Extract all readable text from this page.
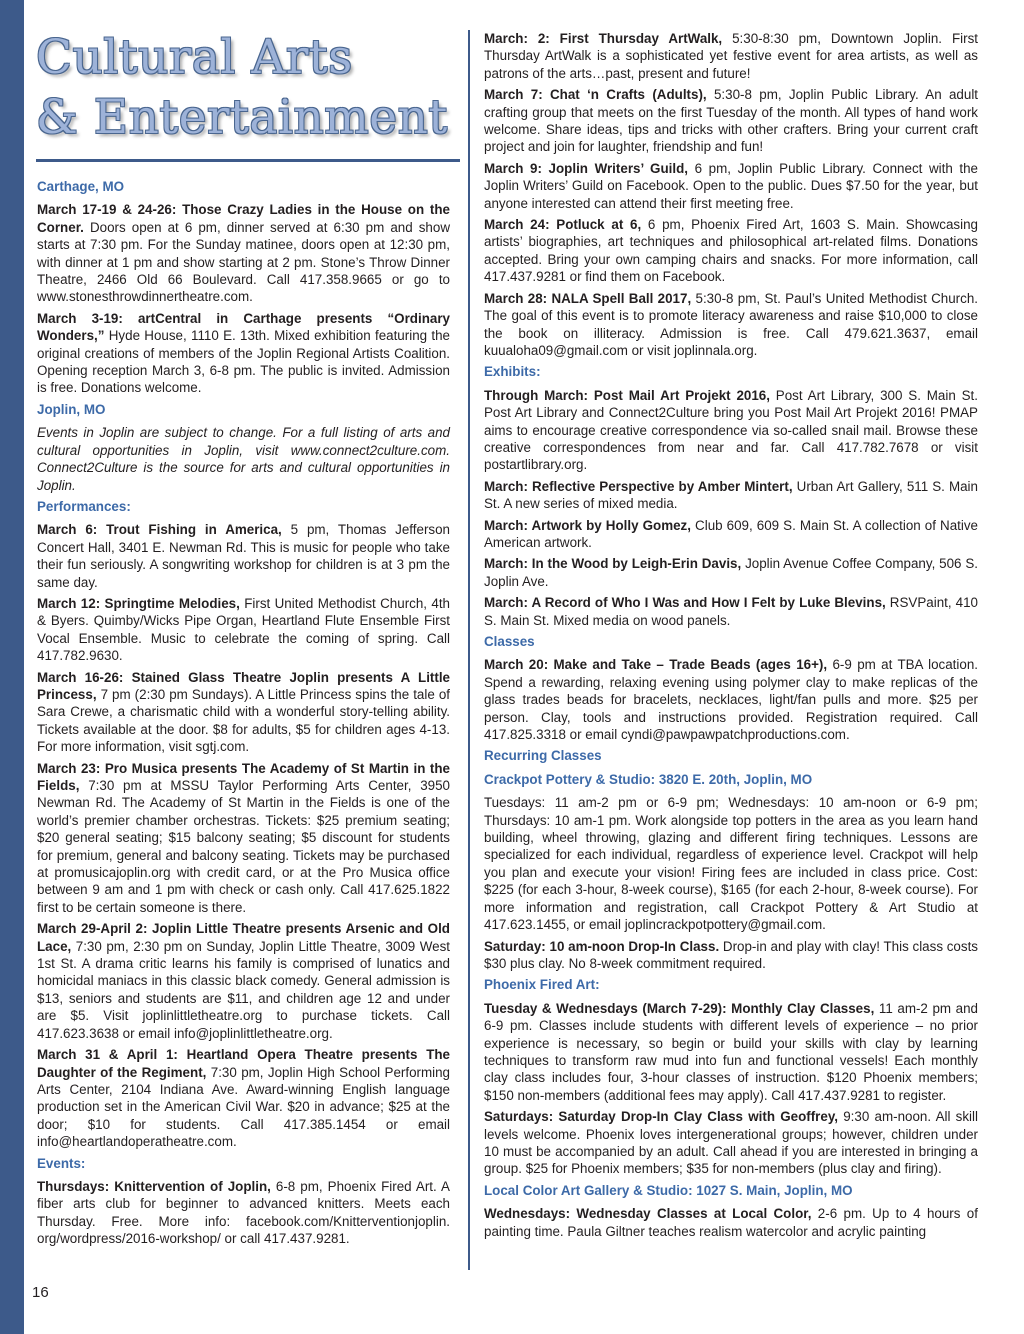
Cultural Arts
& Entertainment
Carthage, MO

March 17-19 & 24-26: Those Crazy Ladies in the House on the Corner. Doors open at 6 pm, dinner served at 6:30 pm and show starts at 7:30 pm. For the Sunday matinee, doors open at 12:30 pm, with dinner at 1 pm and show starting at 2 pm. Stone’s Throw Dinner Theatre, 2466 Old 66 Boulevard. Call 417.358.9665 or go to www.stonesthrowdinnertheatre.com.

March 3-19: artCentral in Carthage presents “Ordinary Wonders,” Hyde House, 1110 E. 13th. Mixed exhibition featuring the original creations of members of the Joplin Regional Artists Coalition. Opening reception March 3, 6-8 pm. The public is invited. Admission is free. Donations welcome.

Joplin, MO

Events in Joplin are subject to change. For a full listing of arts and cultural opportunities in Joplin, visit www.connect2culture.com. Connect2Culture is the source for arts and cultural opportunities in Joplin.

Performances:

March 6: Trout Fishing in America, 5 pm, Thomas Jefferson Concert Hall, 3401 E. Newman Rd. This is music for people who take their fun seriously. A songwriting workshop for children is at 3 pm the same day.

March 12: Springtime Melodies, First United Methodist Church, 4th & Byers. Quimby/Wicks Pipe Organ, Heartland Flute Ensemble First Vocal Ensemble. Music to celebrate the coming of spring. Call 417.782.9630.

March 16-26: Stained Glass Theatre Joplin presents A Little Princess, 7 pm (2:30 pm Sundays). A Little Princess spins the tale of Sara Crewe, a charismatic child with a wonderful story-telling ability. Tickets available at the door. $8 for adults, $5 for children ages 4-13. For more information, visit sgtj.com.

March 23: Pro Musica presents The Academy of St Martin in the Fields, 7:30 pm at MSSU Taylor Performing Arts Center, 3950 Newman Rd. The Academy of St Martin in the Fields is one of the world’s premier chamber orchestras. Tickets: $25 premium seating; $20 general seating; $15 balcony seating; $5 discount for students for premium, general and balcony seating. Tickets may be purchased at promusicajoplin.org with credit card, or at the Pro Musica office between 9 am and 1 pm with check or cash only. Call 417.625.1822 first to be certain someone is there.

March 29-April 2: Joplin Little Theatre presents Arsenic and Old Lace, 7:30 pm, 2:30 pm on Sunday, Joplin Little Theatre, 3009 West 1st St. A drama critic learns his family is comprised of lunatics and homicidal maniacs in this classic black comedy. General admission is $13, seniors and students are $11, and children age 12 and under are $5. Visit joplinlittletheatre.org to purchase tickets. Call 417.623.3638 or email info@joplinlittletheatre.org.

March 31 & April 1: Heartland Opera Theatre presents The Daughter of the Regiment, 7:30 pm, Joplin High School Performing Arts Center, 2104 Indiana Ave. Award-winning English language production set in the American Civil War. $20 in advance; $25 at the door; $10 for students. Call 417.385.1454 or email info@heartlandoperatheatre.com.

Events:

Thursdays: Knittervention of Joplin, 6-8 pm, Phoenix Fired Art. A fiber arts club for beginner to advanced knitters. Meets each Thursday. Free. More info: facebook.com/Knitterventionjoplin. org/wordpress/2016-workshop/ or call 417.437.9281.

March: 2: First Thursday ArtWalk, 5:30-8:30 pm, Downtown Joplin. First Thursday ArtWalk is a sophisticated yet festive event for area artists, as well as patrons of the arts…past, present and future!

March 7: Chat ‘n Crafts (Adults), 5:30-8 pm, Joplin Public Library. An adult crafting group that meets on the first Tuesday of the month. All types of hand work welcome. Share ideas, tips and tricks with other crafters. Bring your current craft project and join for laughter, friendship and fun!

March 9: Joplin Writers’ Guild, 6 pm, Joplin Public Library. Connect with the Joplin Writers’ Guild on Facebook. Open to the public. Dues $7.50 for the year, but anyone interested can attend their first meeting free.

March 24: Potluck at 6, 6 pm, Phoenix Fired Art, 1603 S. Main. Showcasing artists’ biographies, art techniques and philosophical art-related films. Donations accepted. Bring your own camping chairs and snacks. For more information, call 417.437.9281 or find them on Facebook.

March 28: NALA Spell Ball 2017, 5:30-8 pm, St. Paul’s United Methodist Church. The goal of this event is to promote literacy awareness and raise $10,000 to close the book on illiteracy. Admission is free. Call 479.621.3637, email kuualoha09@gmail.com or visit joplinnala.org.

Exhibits:

Through March: Post Mail Art Projekt 2016, Post Art Library, 300 S. Main St. Post Art Library and Connect2Culture bring you Post Mail Art Projekt 2016! PMAP aims to encourage creative correspondence via so-called snail mail. Browse these creative correspondences from near and far. Call 417.782.7678 or visit postartlibrary.org.

March: Reflective Perspective by Amber Mintert, Urban Art Gallery, 511 S. Main St. A new series of mixed media.

March: Artwork by Holly Gomez, Club 609, 609 S. Main St. A collection of Native American artwork.

March: In the Wood by Leigh-Erin Davis, Joplin Avenue Coffee Company, 506 S. Joplin Ave.

March: A Record of Who I Was and How I Felt by Luke Blevins, RSVPaint, 410 S. Main St. Mixed media on wood panels.

Classes

March 20: Make and Take – Trade Beads (ages 16+), 6-9 pm at TBA location. Spend a rewarding, relaxing evening using polymer clay to make replicas of the glass trades beads for bracelets, necklaces, light/fan pulls and more. $25 per person. Clay, tools and instructions provided. Registration required. Call 417.825.3318 or email cyndi@pawpawpatchproductions.com.

Recurring Classes
Crackpot Pottery & Studio: 3820 E. 20th, Joplin, MO

Tuesdays: 11 am-2 pm or 6-9 pm; Wednesdays: 10 am-noon or 6-9 pm; Thursdays: 10 am-1 pm. Work alongside top potters in the area as you learn hand building, wheel throwing, glazing and different firing techniques. Lessons are specialized for each individual, regardless of experience level. Crackpot will help you plan and execute your vision! Firing fees are included in class price. Cost: $225 (for each 3-hour, 8-week course), $165 (for each 2-hour, 8-week course). For more information and registration, call Crackpot Pottery & Art Studio at 417.623.1455, or email joplincrackpotpottery@gmail.com.

Saturday: 10 am-noon Drop-In Class. Drop-in and play with clay! This class costs $30 plus clay. No 8-week commitment required.

Phoenix Fired Art:

Tuesday & Wednesdays (March 7-29): Monthly Clay Classes, 11 am-2 pm and 6-9 pm. Classes include students with different levels of experience – no prior experience is necessary, so begin or build your skills with clay by learning techniques to transform raw mud into fun and functional vessels! Each monthly clay class includes four, 3-hour classes of instruction. $120 Phoenix members; $150 non-members (additional fees may apply). Call 417.437.9281 to register.

Saturdays: Saturday Drop-In Clay Class with Geoffrey, 9:30 am-noon. All skill levels welcome. Phoenix loves intergenerational groups; however, children under 10 must be accompanied by an adult. Call ahead if you are interested in bringing a group. $25 for Phoenix members; $35 for non-members (plus clay and firing).

Local Color Art Gallery & Studio: 1027 S. Main, Joplin, MO

Wednesdays: Wednesday Classes at Local Color, 2-6 pm. Up to 4 hours of painting time. Paula Giltner teaches realism watercolor and acrylic painting

16
